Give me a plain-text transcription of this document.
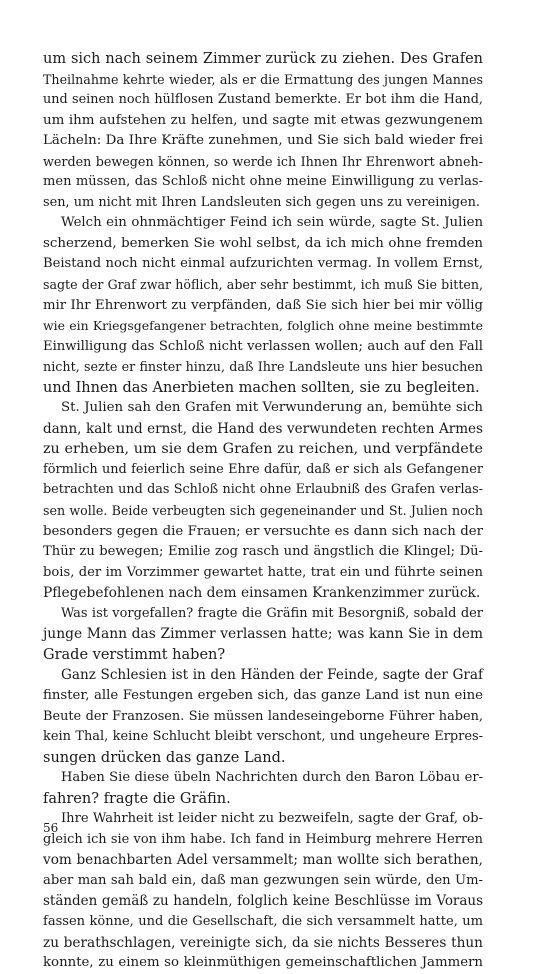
um sich nach seinem Zimmer zurück zu ziehen. Des Grafen
Theilnahme kehrte wieder, als er die Ermattung des jungen Mannes
und seinen noch hülflosen Zustand bemerkte. Er bot ihm die Hand,
um ihm aufstehen zu helfen, und sagte mit etwas gezwungenem
Lächeln: Da Ihre Kräfte zunehmen, und Sie sich bald wieder frei
werden bewegen können, so werde ich Ihnen Ihr Ehrenwort abneh-
men müssen, das Schloß nicht ohne meine Einwilligung zu verlas-
sen, um nicht mit Ihren Landsleuten sich gegen uns zu vereinigen.
Welch ein ohnmächtiger Feind ich sein würde, sagte St. Julien
scherzend, bemerken Sie wohl selbst, da ich mich ohne fremden
Beistand noch nicht einmal aufzurichten vermag. In vollem Ernst,
sagte der Graf zwar höflich, aber sehr bestimmt, ich muß Sie bitten,
mir Ihr Ehrenwort zu verpfänden, daß Sie sich hier bei mir völlig
wie ein Kriegsgefangener betrachten, folglich ohne meine bestimmte
Einwilligung das Schloß nicht verlassen wollen; auch auf den Fall
nicht, sezte er finster hinzu, daß Ihre Landsleute uns hier besuchen
und Ihnen das Anerbieten machen sollten, sie zu begleiten.
St. Julien sah den Grafen mit Verwunderung an, bemühte sich
dann, kalt und ernst, die Hand des verwundeten rechten Armes
zu erheben, um sie dem Grafen zu reichen, und verpfändete
förmlich und feierlich seine Ehre dafür, daß er sich als Gefangener
betrachten und das Schloß nicht ohne Erlaubniß des Grafen verlas-
sen wolle. Beide verbeugten sich gegeneinander und St. Julien noch
besonders gegen die Frauen; er versuchte es dann sich nach der
Thür zu bewegen; Emilie zog rasch und ängstlich die Klingel; Dü-
bois, der im Vorzimmer gewartet hatte, trat ein und führte seinen
Pflegebefohlenen nach dem einsamen Krankenzimmer zurück.
Was ist vorgefallen? fragte die Gräfin mit Besorgniß, sobald der
junge Mann das Zimmer verlassen hatte; was kann Sie in dem
Grade verstimmt haben?
Ganz Schlesien ist in den Händen der Feinde, sagte der Graf
finster, alle Festungen ergeben sich, das ganze Land ist nun eine
Beute der Franzosen. Sie müssen landeseingeborne Führer haben,
kein Thal, keine Schlucht bleibt verschont, und ungeheure Erpres-
sungen drücken das ganze Land.
Haben Sie diese übeln Nachrichten durch den Baron Löbau er-
fahren? fragte die Gräfin.
Ihre Wahrheit ist leider nicht zu bezweifeln, sagte der Graf, ob-
gleich ich sie von ihm habe. Ich fand in Heimburg mehrere Herren
vom benachbarten Adel versammelt; man wollte sich berathen,
aber man sah bald ein, daß man gezwungen sein würde, den Um-
ständen gemäß zu handeln, folglich keine Beschlüsse im Voraus
fassen könne, und die Gesellschaft, die sich versammelt hatte, um
zu berathschlagen, vereinigte sich, da sie nichts Besseres thun
konnte, zu einem so kleinmüthigen gemeinschaftlichen Jammern
56
